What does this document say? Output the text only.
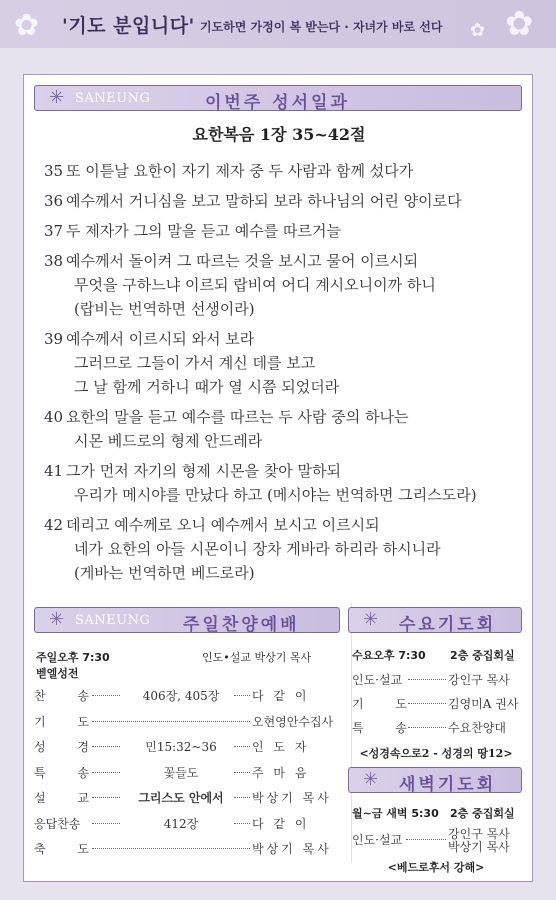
✿	✿
✿
'기도 분입니다' 기도하면 가정이 복 받는다 · 자녀가 바로 선다
✳ SANEUNG	이번주 성서일과
요한복음 1장 35~42절
35 또 이튿날 요한이 자기 제자 중 두 사람과 함께 섰다가
36 예수께서 거니심을 보고 말하되 보라 하나님의 어린 양이로다
37 두 제자가 그의 말을 듣고 예수를 따르거늘
38 예수께서 돌이켜 그 따르는 것을 보시고 물어 이르시되
무엇을 구하느냐 이르되 랍비여 어디 계시오니이까 하니
(랍비는 번역하면 선생이라)
39 예수께서 이르시되 와서 보라
그러므로 그들이 가서 계신 데를 보고
그 날 함께 거하니 때가 열 시쯤 되었더라
40 요한의 말을 듣고 예수를 따르는 두 사람 중의 하나는
시몬 베드로의 형제 안드레라
41 그가 먼저 자기의 형제 시몬을 찾아 말하되
우리가 메시야를 만났다 하고 (메시야는 번역하면 그리스도라)
42 데리고 예수께로 오니 예수께서 보시고 이르시되
네가 요한의 아들 시몬이니 장차 게바라 하리라 하시니라
(게바는 번역하면 베드로라)
✳ SANEUNG 주일찬양예배
주일오후 7:30	인도•설교 박상기 목사
벧엘성전
찬 송	406장, 405장	다 같 이
기 도	오현영안수집사
성 경	민15:32~36	인 도 자
특 송	꽃들도	주 마 음
설 교	그리스도 안에서	박상기 목사
응답찬송	412장	다 같 이
축 도	박상기 목사
✳ 수요기도회
수요오후 7:30 2층 중집회실
인도·설교	강인구 목사
기 도 김영미A 권사
특 송 수요찬양대
<성경속으로2 - 성경의 땅12>
✳ 새벽기도회
월~금 새벽 5:30 2층 중집회실
인도·설교	강인구 목사
박상기 목사
<베드로후서 강해>
